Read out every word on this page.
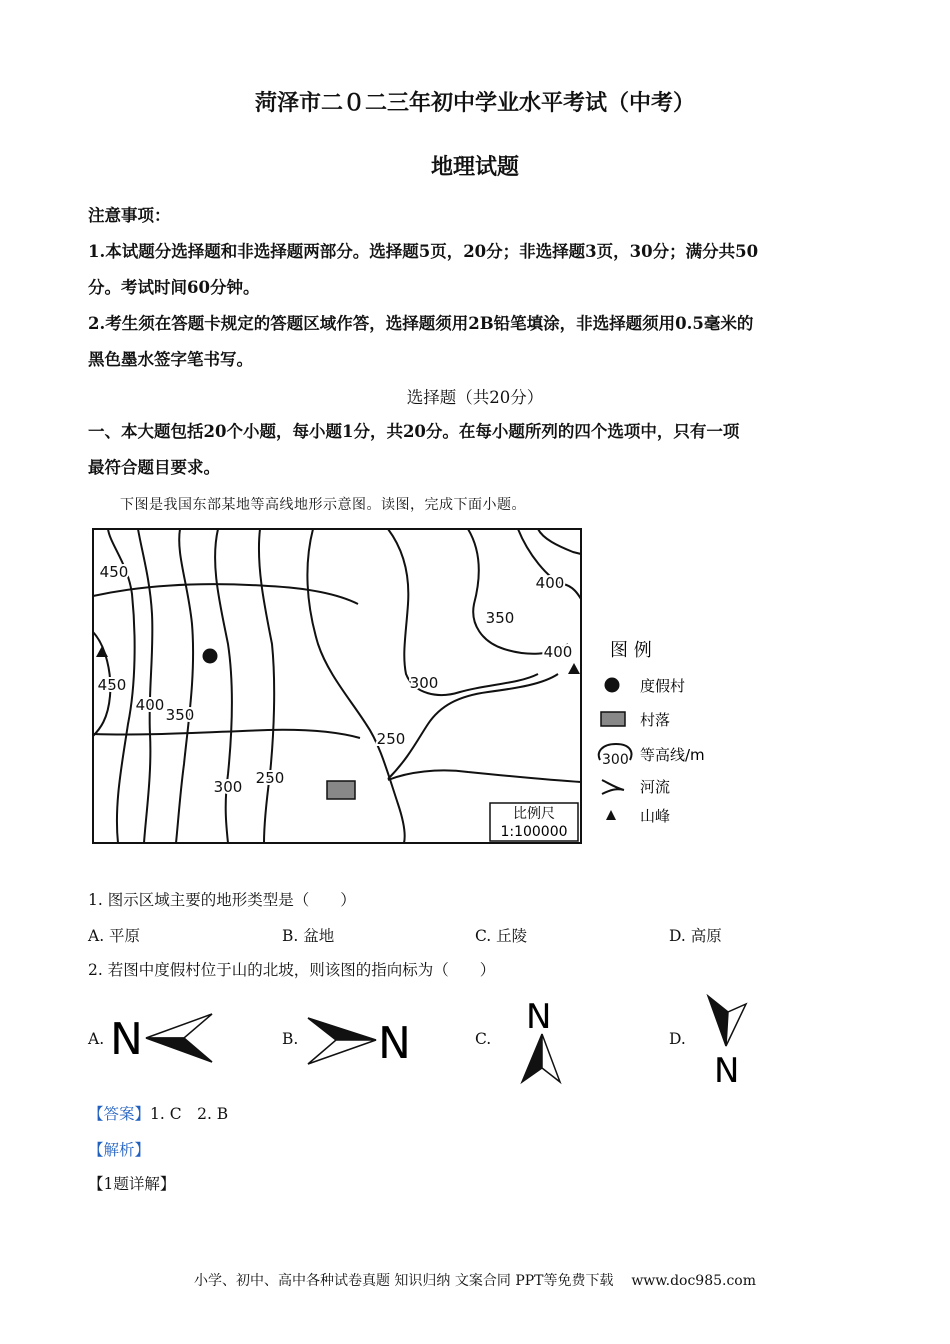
菏泽市二０二三年初中学业水平考试（中考）
地理试题
注意事项：
1.本试题分选择题和非选择题两部分。选择题5页，20分；非选择题3页，30分；满分共50
分。考试时间60分钟。
2.考生须在答题卡规定的答题区域作答，选择题须用2B铅笔填涂，非选择题须用0.5毫米的
黑色墨水签字笔书写。
选择题（共20分）
一、本大题包括20个小题，每小题1分，共20分。在每小题所列的四个选项中，只有一项
最符合题目要求。
下图是我国东部某地等高线地形示意图。读图，完成下面小题。
450
450
400
350
300 250
250
300
350
400
400
比例尺
1:100000
图 例
度假村
村落
300 等高线/m
河流
山峰
1. 图示区域主要的地形类型是（　　）
A. 平原	B. 盆地	C. 丘陵	D. 高原
2. 若图中度假村位于山的北坡，则该图的指向标为（　　）
A. N	B. N	C.
N
D.
N
【答案】1. C　2. B
【解析】
【1题详解】
小学、初中、高中各种试卷真题 知识归纳 文案合同 PPT等免费下载 www.doc985.com
